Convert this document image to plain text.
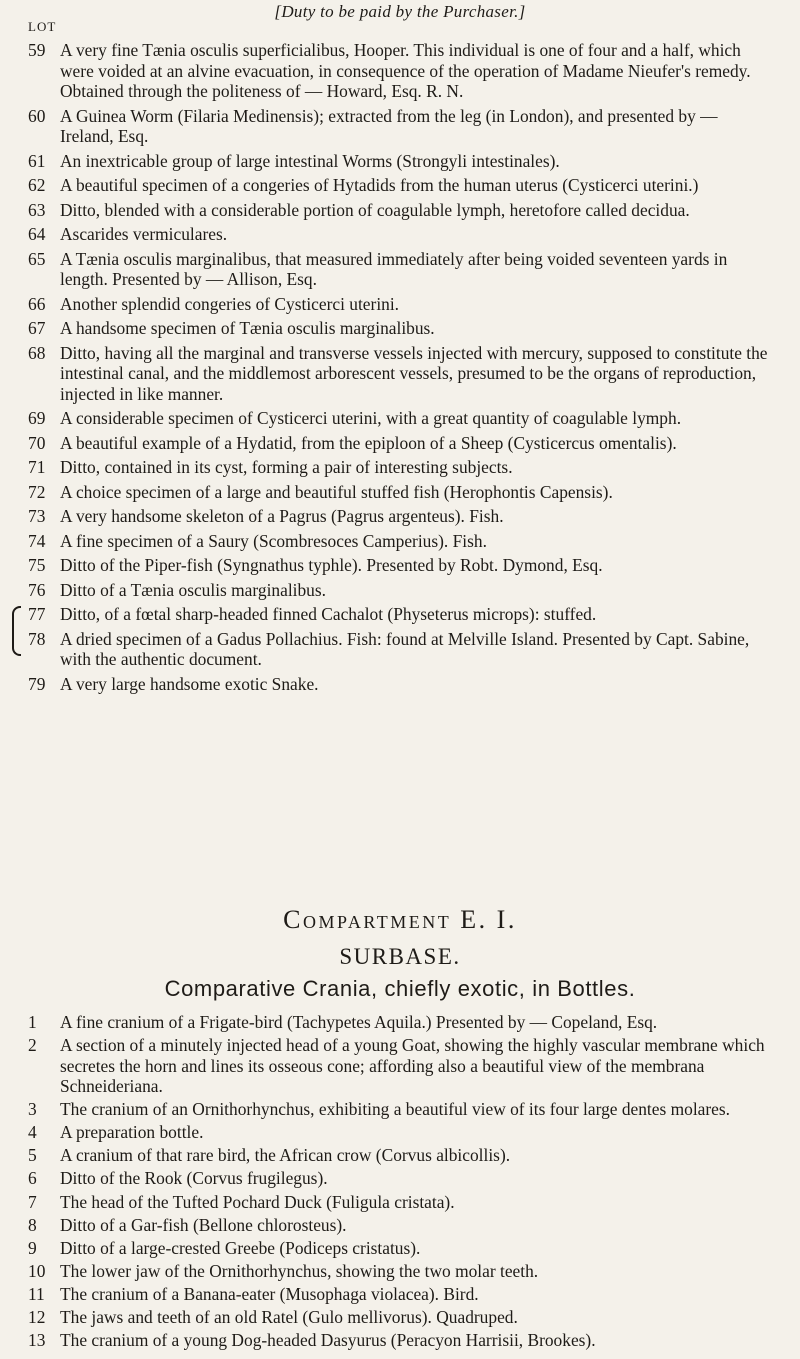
[Duty to be paid by the Purchaser.]
LOT
59 A very fine Tænia osculis superficialibus, Hooper. This individual is one of four and a half, which were voided at an alvine evacuation, in consequence of the operation of Madame Nieufer's remedy. Obtained through the politeness of — Howard, Esq. R. N.
60 A Guinea Worm (Filaria Medinensis); extracted from the leg (in London), and presented by — Ireland, Esq.
61 An inextricable group of large intestinal Worms (Strongyli intestinales).
62 A beautiful specimen of a congeries of Hytadids from the human uterus (Cysticerci uterini.)
63 Ditto, blended with a considerable portion of coagulable lymph, heretofore called decidua.
64 Ascarides vermiculares.
65 A Tænia osculis marginalibus, that measured immediately after being voided seventeen yards in length. Presented by — Allison, Esq.
66 Another splendid congeries of Cysticerci uterini.
67 A handsome specimen of Tænia osculis marginalibus.
68 Ditto, having all the marginal and transverse vessels injected with mercury, supposed to constitute the intestinal canal, and the middlemost arborescent vessels, presumed to be the organs of reproduction, injected in like manner.
69 A considerable specimen of Cysticerci uterini, with a great quantity of coagulable lymph.
70 A beautiful example of a Hydatid, from the epiploon of a Sheep (Cysticercus omentalis).
71 Ditto, contained in its cyst, forming a pair of interesting subjects.
72 A choice specimen of a large and beautiful stuffed fish (Herophontis Capensis).
73 A very handsome skeleton of a Pagrus (Pagrus argenteus). Fish.
74 A fine specimen of a Saury (Scombresoces Camperius). Fish.
75 Ditto of the Piper-fish (Syngnathus typhle). Presented by Robt. Dymond, Esq.
76 Ditto of a Tænia osculis marginalibus.
77 Ditto, of a fœtal sharp-headed finned Cachalot (Physeterus microps): stuffed.
78 A dried specimen of a Gadus Pollachius. Fish: found at Melville Island. Presented by Capt. Sabine, with the authentic document.
79 A very large handsome exotic Snake.
Compartment E. I.
SURBASE.
Comparative Crania, chiefly exotic, in Bottles.
1	A fine cranium of a Frigate-bird (Tachypetes Aquila.) Presented by — Copeland, Esq.
2	A section of a minutely injected head of a young Goat, showing the highly vascular membrane which secretes the horn and lines its osseous cone; affording also a beautiful view of the membrana Schneideriana.
3	The cranium of an Ornithorhynchus, exhibiting a beautiful view of its four large dentes molares.
4	A preparation bottle.
5	A cranium of that rare bird, the African crow (Corvus albicollis).
6	Ditto of the Rook (Corvus frugilegus).
7	The head of the Tufted Pochard Duck (Fuligula cristata).
8	Ditto of a Gar-fish (Bellone chlorosteus).
9	Ditto of a large-crested Greebe (Podiceps cristatus).
10 The lower jaw of the Ornithorhynchus, showing the two molar teeth.
11 The cranium of a Banana-eater (Musophaga violacea). Bird.
12 The jaws and teeth of an old Ratel (Gulo mellivorus). Quadruped.
13 The cranium of a young Dog-headed Dasyurus (Peracyon Harrisii, Brookes).
